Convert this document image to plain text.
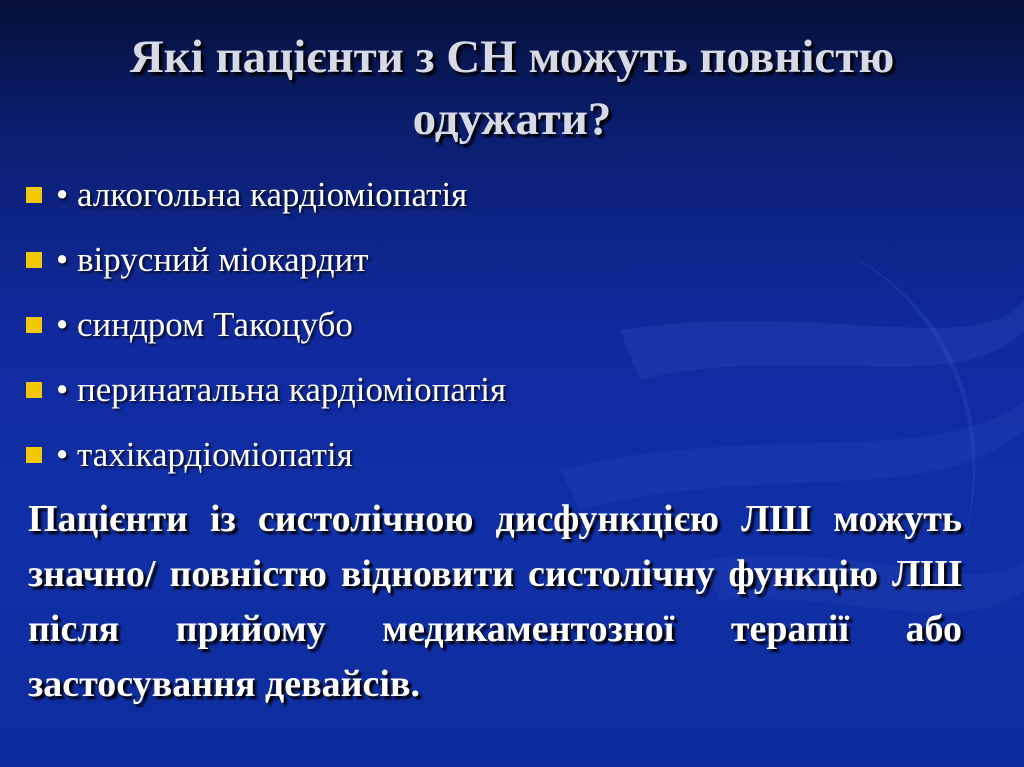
Які пацієнти з СН можуть повністю одужати?
• алкогольна кардіоміопатія
• вірусний міокардит
• синдром Такоцубо
• перинатальна кардіоміопатія
• тахікардіоміопатія

Пацієнти із систолічною дисфункцією ЛШ можуть значно/ повністю відновити систолічну функцію ЛШ після прийому медикаментозної терапії або застосування девайсів.
